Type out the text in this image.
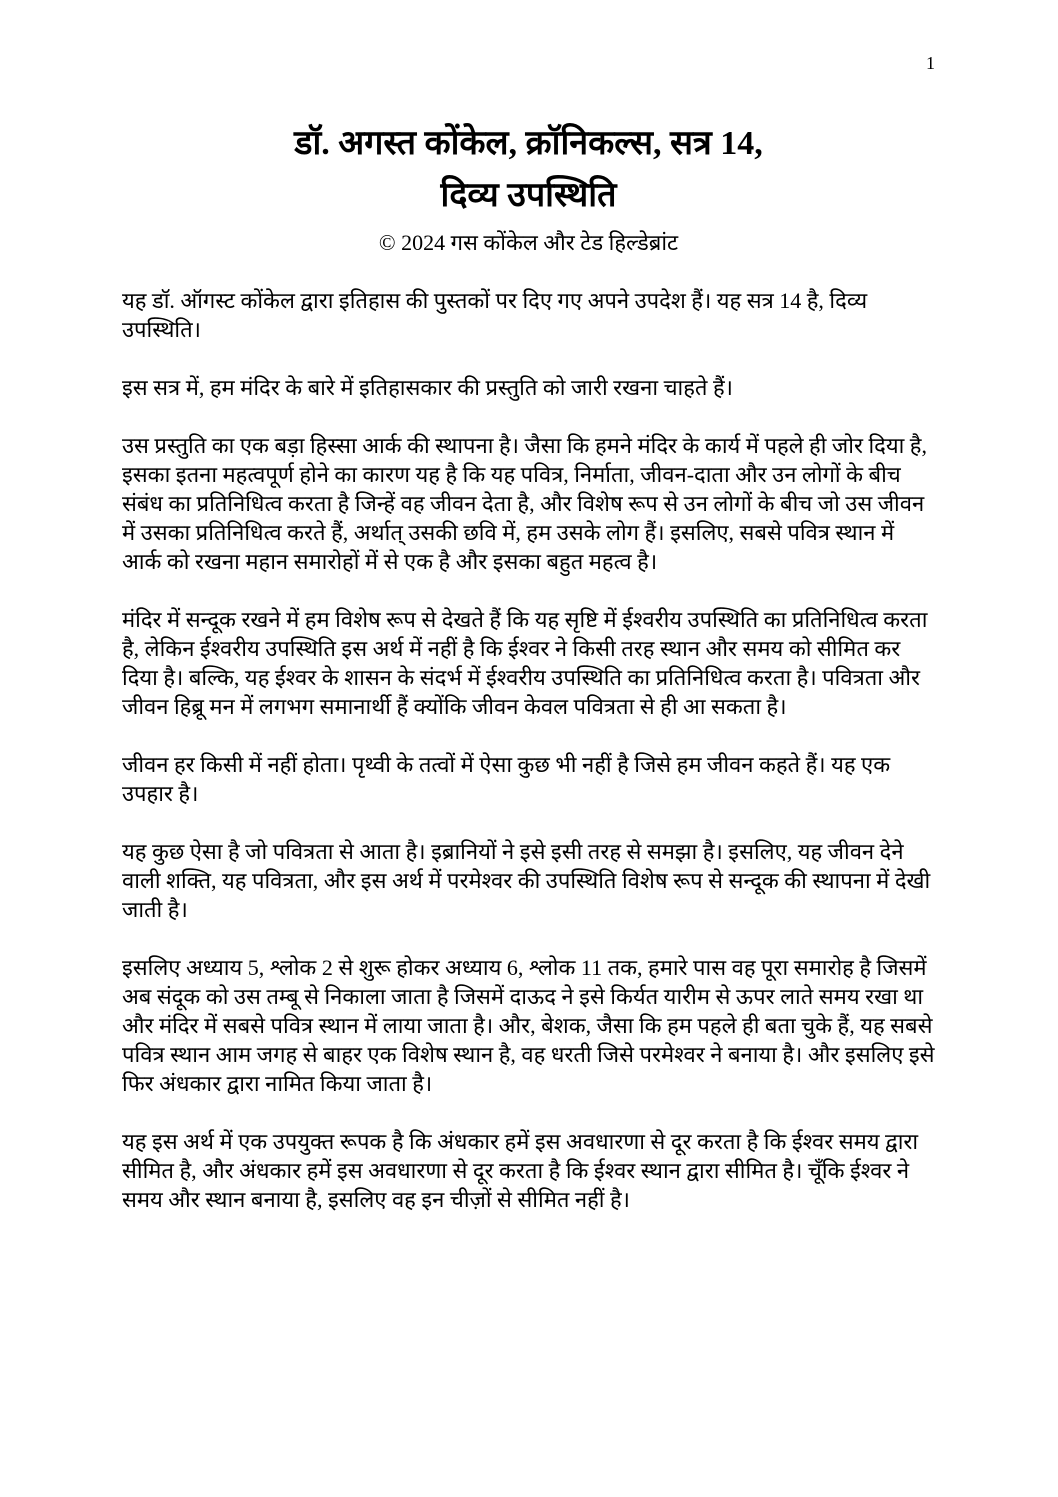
1
डॉ. अगस्त कोंकेल, क्रॉनिकल्स, सत्र 14,
दिव्य उपस्थिति
© 2024 गस कोंकेल और टेड हिल्डेब्रांट

यह डॉ. ऑगस्ट कोंकेल द्वारा इतिहास की पुस्तकों पर दिए गए अपने उपदेश हैं। यह सत्र 14 है, दिव्य उपस्थिति।

इस सत्र में, हम मंदिर के बारे में इतिहासकार की प्रस्तुति को जारी रखना चाहते हैं।

उस प्रस्तुति का एक बड़ा हिस्सा आर्क की स्थापना है। जैसा कि हमने मंदिर के कार्य में पहले ही जोर दिया है, इसका इतना महत्वपूर्ण होने का कारण यह है कि यह पवित्र, निर्माता, जीवन-दाता और उन लोगों के बीच संबंध का प्रतिनिधित्व करता है जिन्हें वह जीवन देता है, और विशेष रूप से उन लोगों के बीच जो उस जीवन में उसका प्रतिनिधित्व करते हैं, अर्थात् उसकी छवि में, हम उसके लोग हैं। इसलिए, सबसे पवित्र स्थान में आर्क को रखना महान समारोहों में से एक है और इसका बहुत महत्व है।

मंदिर में सन्दूक रखने में हम विशेष रूप से देखते हैं कि यह सृष्टि में ईश्वरीय उपस्थिति का प्रतिनिधित्व करता है, लेकिन ईश्वरीय उपस्थिति इस अर्थ में नहीं है कि ईश्वर ने किसी तरह स्थान और समय को सीमित कर दिया है। बल्कि, यह ईश्वर के शासन के संदर्भ में ईश्वरीय उपस्थिति का प्रतिनिधित्व करता है। पवित्रता और जीवन हिब्रू मन में लगभग समानार्थी हैं क्योंकि जीवन केवल पवित्रता से ही आ सकता है।

जीवन हर किसी में नहीं होता। पृथ्वी के तत्वों में ऐसा कुछ भी नहीं है जिसे हम जीवन कहते हैं। यह एक उपहार है।

यह कुछ ऐसा है जो पवित्रता से आता है। इब्रानियों ने इसे इसी तरह से समझा है। इसलिए, यह जीवन देने वाली शक्ति, यह पवित्रता, और इस अर्थ में परमेश्वर की उपस्थिति विशेष रूप से सन्दूक की स्थापना में देखी जाती है।

इसलिए अध्याय 5, श्लोक 2 से शुरू होकर अध्याय 6, श्लोक 11 तक, हमारे पास वह पूरा समारोह है जिसमें अब संदूक को उस तम्बू से निकाला जाता है जिसमें दाऊद ने इसे किर्यत यारीम से ऊपर लाते समय रखा था और मंदिर में सबसे पवित्र स्थान में लाया जाता है। और, बेशक, जैसा कि हम पहले ही बता चुके हैं, यह सबसे पवित्र स्थान आम जगह से बाहर एक विशेष स्थान है, वह धरती जिसे परमेश्वर ने बनाया है। और इसलिए इसे फिर अंधकार द्वारा नामित किया जाता है।

यह इस अर्थ में एक उपयुक्त रूपक है कि अंधकार हमें इस अवधारणा से दूर करता है कि ईश्वर समय द्वारा सीमित है, और अंधकार हमें इस अवधारणा से दूर करता है कि ईश्वर स्थान द्वारा सीमित है। चूँकि ईश्वर ने समय और स्थान बनाया है, इसलिए वह इन चीज़ों से सीमित नहीं है।
